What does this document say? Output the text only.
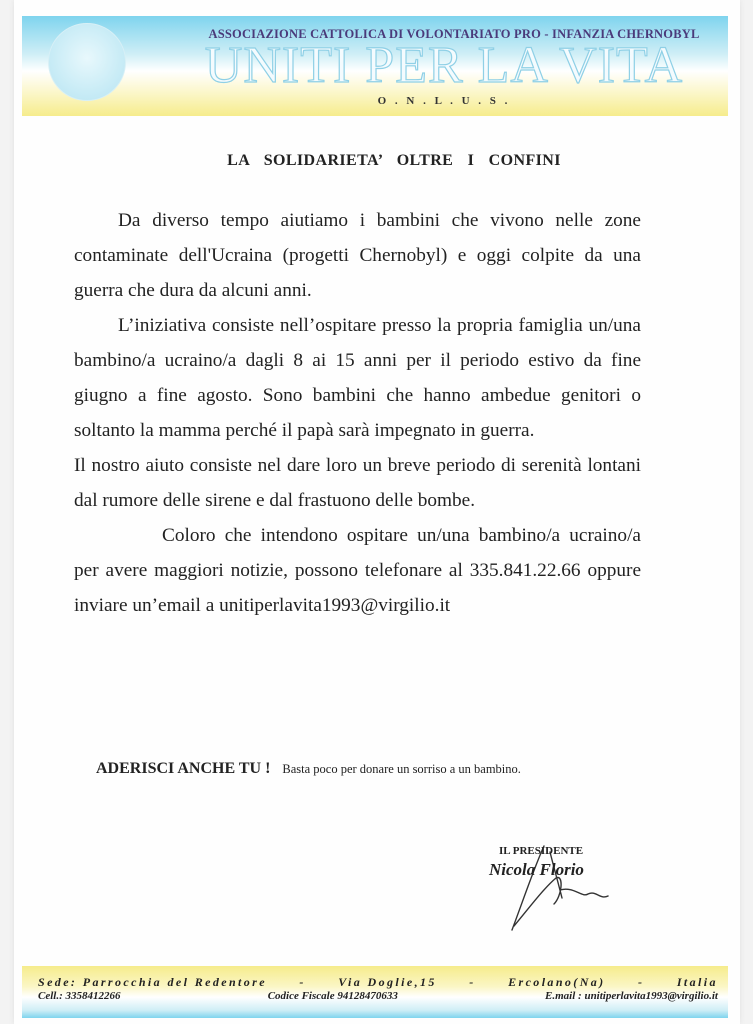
ASSOCIAZIONE CATTOLICA DI VOLONTARIATO PRO - INFANZIA CHERNOBYL
UNITI PER LA VITA
O . N . L . U . S .
LA SOLIDARIETA’ OLTRE I CONFINI

Da diverso tempo aiutiamo i bambini che vivono nelle zone contaminate dell'Ucraina (progetti Chernobyl) e oggi colpite da una guerra che dura da alcuni anni.

L’iniziativa consiste nell’ospitare presso la propria famiglia un/una bambino/a ucraino/a dagli 8 ai 15 anni per il periodo estivo da fine giugno a fine agosto. Sono bambini che hanno ambedue genitori o soltanto la mamma perché il papà sarà impegnato in guerra.

Il nostro aiuto consiste nel dare loro un breve periodo di serenità lontani dal rumore delle sirene e dal frastuono delle bombe.

Coloro che intendono ospitare un/una bambino/a ucraino/a per avere maggiori notizie, possono telefonare al 335.841.22.66 oppure inviare un’email a unitiperlavita1993@virgilio.it

ADERISCI ANCHE TU ! Basta poco per donare un sorriso a un bambino.
IL PRESIDENTE
Nicola Florio
Sede: Parrocchia del Redentore	-	Via Doglie,15	-	Ercolano(Na)	-	Italia
Cell.: 3358412266	Codice Fiscale 94128470633	E.mail : unitiperlavita1993@virgilio.it
